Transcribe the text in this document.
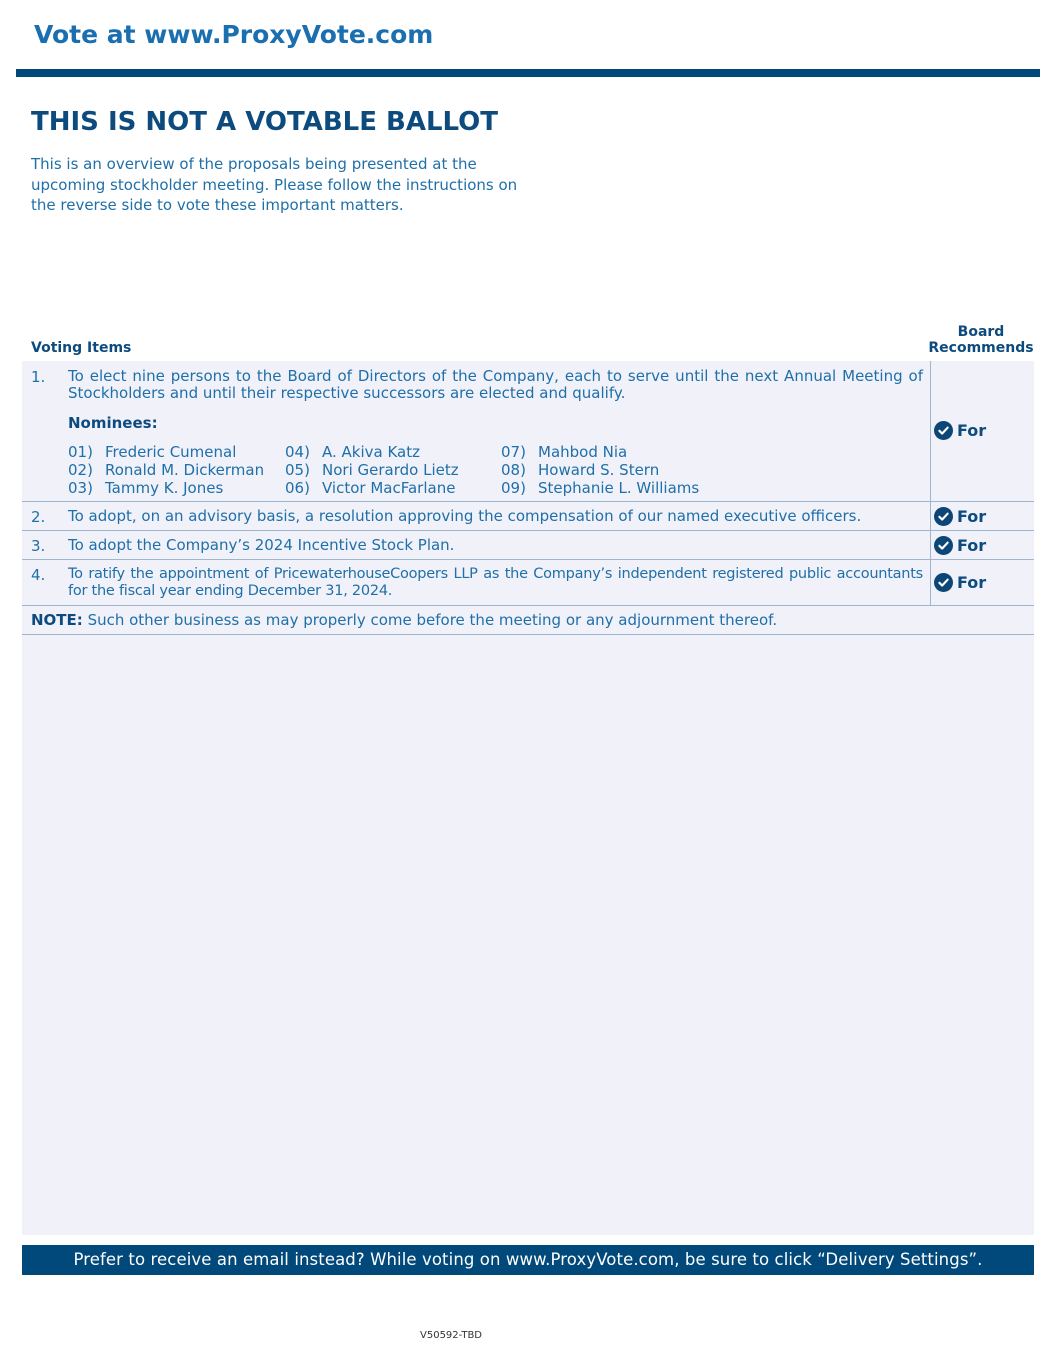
Vote at www.ProxyVote.com
THIS IS NOT A VOTABLE BALLOT
This is an overview of the proposals being presented at the
upcoming stockholder meeting. Please follow the instructions on
the reverse side to vote these important matters.
Voting Items
Board
Recommends
1. To elect nine persons to the Board of Directors of the Company, each to serve until the next Annual Meeting of Stockholders and until their respective successors are elected and qualify.
Nominees:
01) Frederic Cumenal
02) Ronald M. Dickerman
03) Tammy K. Jones
04) A. Akiva Katz
05) Nori Gerardo Lietz
06) Victor MacFarlane
07) Mahbod Nia
08) Howard S. Stern
09) Stephanie L. Williams
For
2. To adopt, on an advisory basis, a resolution approving the compensation of our named executive officers.	For
3. To adopt the Company’s 2024 Incentive Stock Plan.	For
4. To ratify the appointment of PricewaterhouseCoopers LLP as the Company’s independent registered public accountants for the fiscal year ending December 31, 2024.	For
NOTE: Such other business as may properly come before the meeting or any adjournment thereof.
Prefer to receive an email instead? While voting on www.ProxyVote.com, be sure to click “Delivery Settings”.
V50592-TBD
